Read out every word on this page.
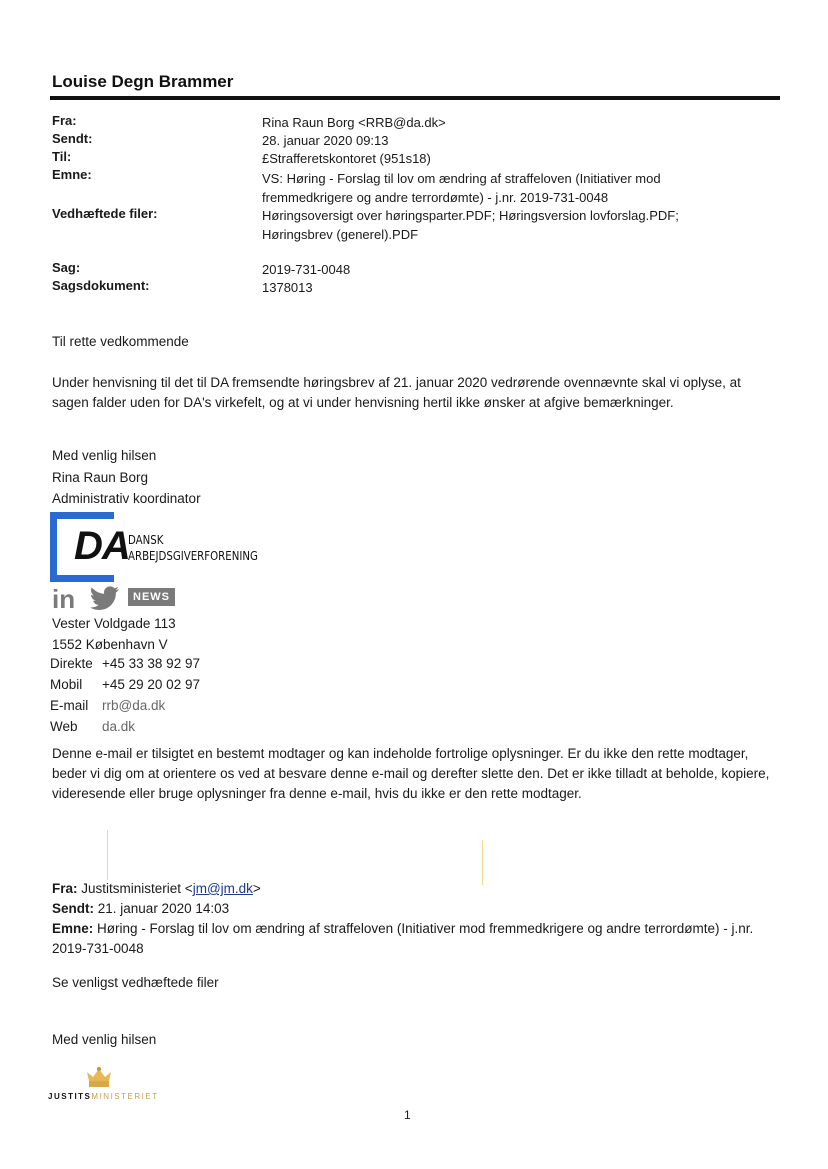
Louise Degn Brammer
Fra:	Rina Raun Borg <RRB@da.dk>
Sendt:	28. januar 2020 09:13
Til:	£Strafferetskontoret (951s18)
Emne:	VS: Høring - Forslag til lov om ændring af straffeloven (Initiativer mod fremmedkrigere og andre terrordømte) - j.nr. 2019-731-0048
Vedhæftede filer:	Høringsoversigt over høringsparter.PDF; Høringsversion lovforslag.PDF; Høringsbrev (generel).PDF
Sag:	2019-731-0048
Sagsdokument:	1378013
Til rette vedkommende
Under henvisning til det til DA fremsendte høringsbrev af 21. januar 2020 vedrørende ovennævnte skal vi oplyse, at sagen falder uden for DA's virkefelt, og at vi under henvisning hertil ikke ønsker at afgive bemærkninger.
Med venlig hilsen
Rina Raun Borg
Administrativ koordinator
DA
DANSK
ARBEJDSGIVERFORENING
in	NEWS
Vester Voldgade 113
1552 København V
Direkte +45 33 38 92 97
Mobil +45 29 20 02 97
E-mail rrb@da.dk
Web da.dk
Denne e-mail er tilsigtet en bestemt modtager og kan indeholde fortrolige oplysninger. Er du ikke den rette modtager, beder vi dig om at orientere os ved at besvare denne e-mail og derefter slette den. Det er ikke tilladt at beholde, kopiere, videresende eller bruge oplysninger fra denne e-mail, hvis du ikke er den rette modtager.
Fra: Justitsministeriet <jm@jm.dk>
Sendt: 21. januar 2020 14:03
Emne: Høring - Forslag til lov om ændring af straffeloven (Initiativer mod fremmedkrigere og andre terrordømte) - j.nr. 2019-731-0048
Se venligst vedhæftede filer
Med venlig hilsen
JUSTITSMINISTERIET
1
